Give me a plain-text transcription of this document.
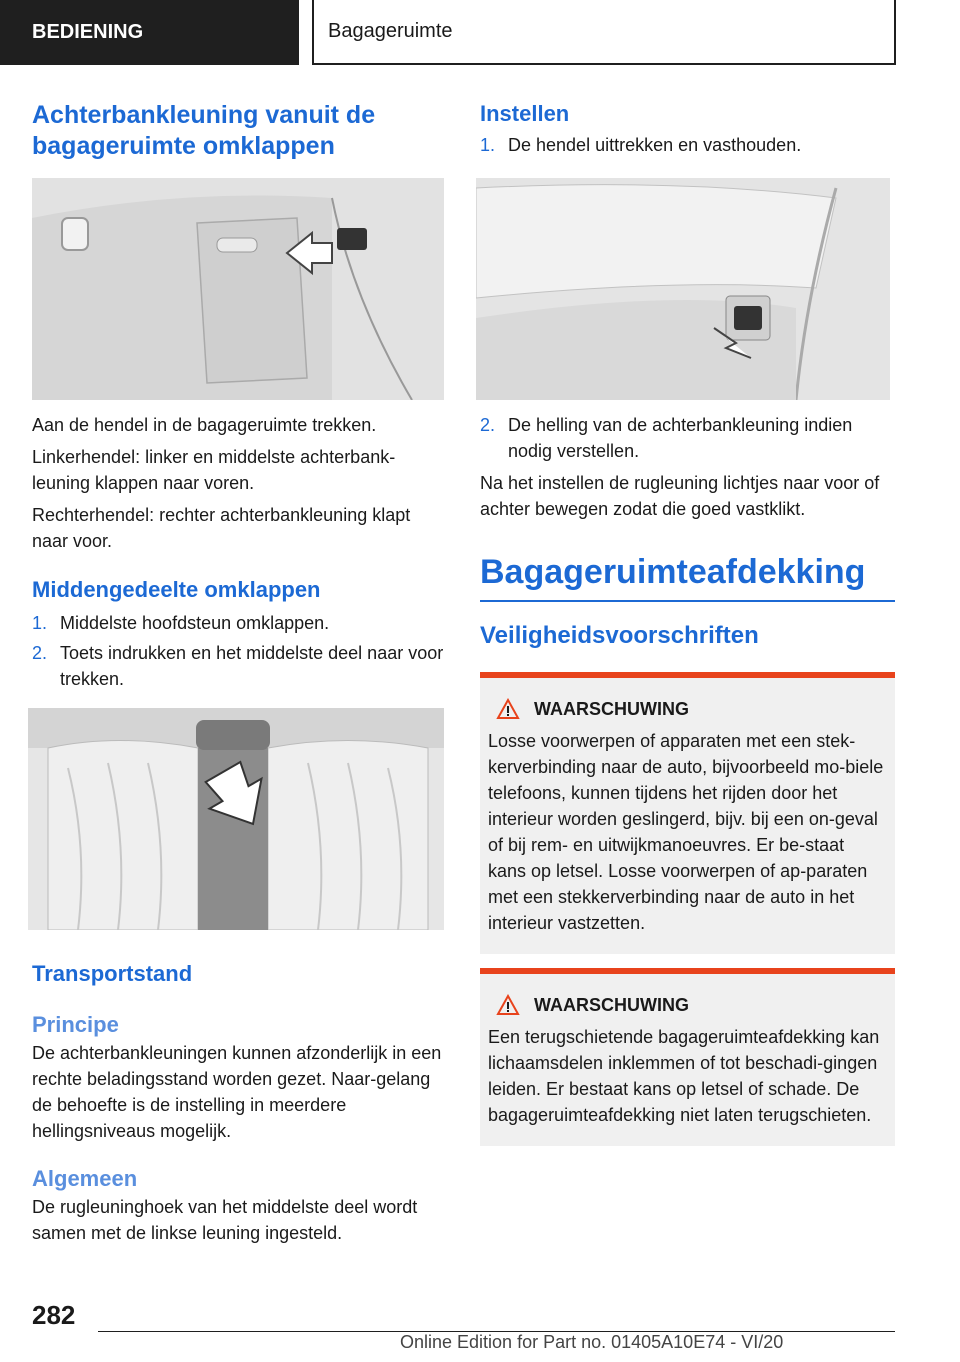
BEDIENING	Bagageruimte
Achterbankleuning vanuit de bagageruimte omklappen

Aan de hendel in de bagageruimte trekken.

Linkerhendel: linker en middelste achterbank-leuning klappen naar voren.

Rechterhendel: rechter achterbankleuning klapt naar voor.

Middengedeelte omklappen
1. Middelste hoofdsteun omklappen.
2. Toets indrukken en het middelste deel naar voor trekken.
Transportstand
Principe

De achterbankleuningen kunnen afzonderlijk in een rechte beladingsstand worden gezet. Naar-gelang de behoefte is de instelling in meerdere hellingsniveaus mogelijk.

Algemeen

De rugleuninghoek van het middelste deel wordt samen met de linkse leuning ingesteld.

Instellen
1. De hendel uittrekken en vasthouden.
2. De helling van de achterbankleuning indien nodig verstellen.

Na het instellen de rugleuning lichtjes naar voor of achter bewegen zodat die goed vastklikt.

Bagageruimteafdekking
Veiligheidsvoorschriften
WAARSCHUWING

Losse voorwerpen of apparaten met een stek-kerverbinding naar de auto, bijvoorbeeld mo-biele telefoons, kunnen tijdens het rijden door het interieur worden geslingerd, bijv. bij een on-geval of bij rem- en uitwijkmanoeuvres. Er be-staat kans op letsel. Losse voorwerpen of ap-paraten met een stekkerverbinding naar de auto in het interieur vastzetten.

WAARSCHUWING

Een terugschietende bagageruimteafdekking kan lichaamsdelen inklemmen of tot beschadi-gingen leiden. Er bestaat kans op letsel of schade. De bagageruimteafdekking niet laten terugschieten.

282
Online Edition for Part no. 01405A10E74 - VI/20
